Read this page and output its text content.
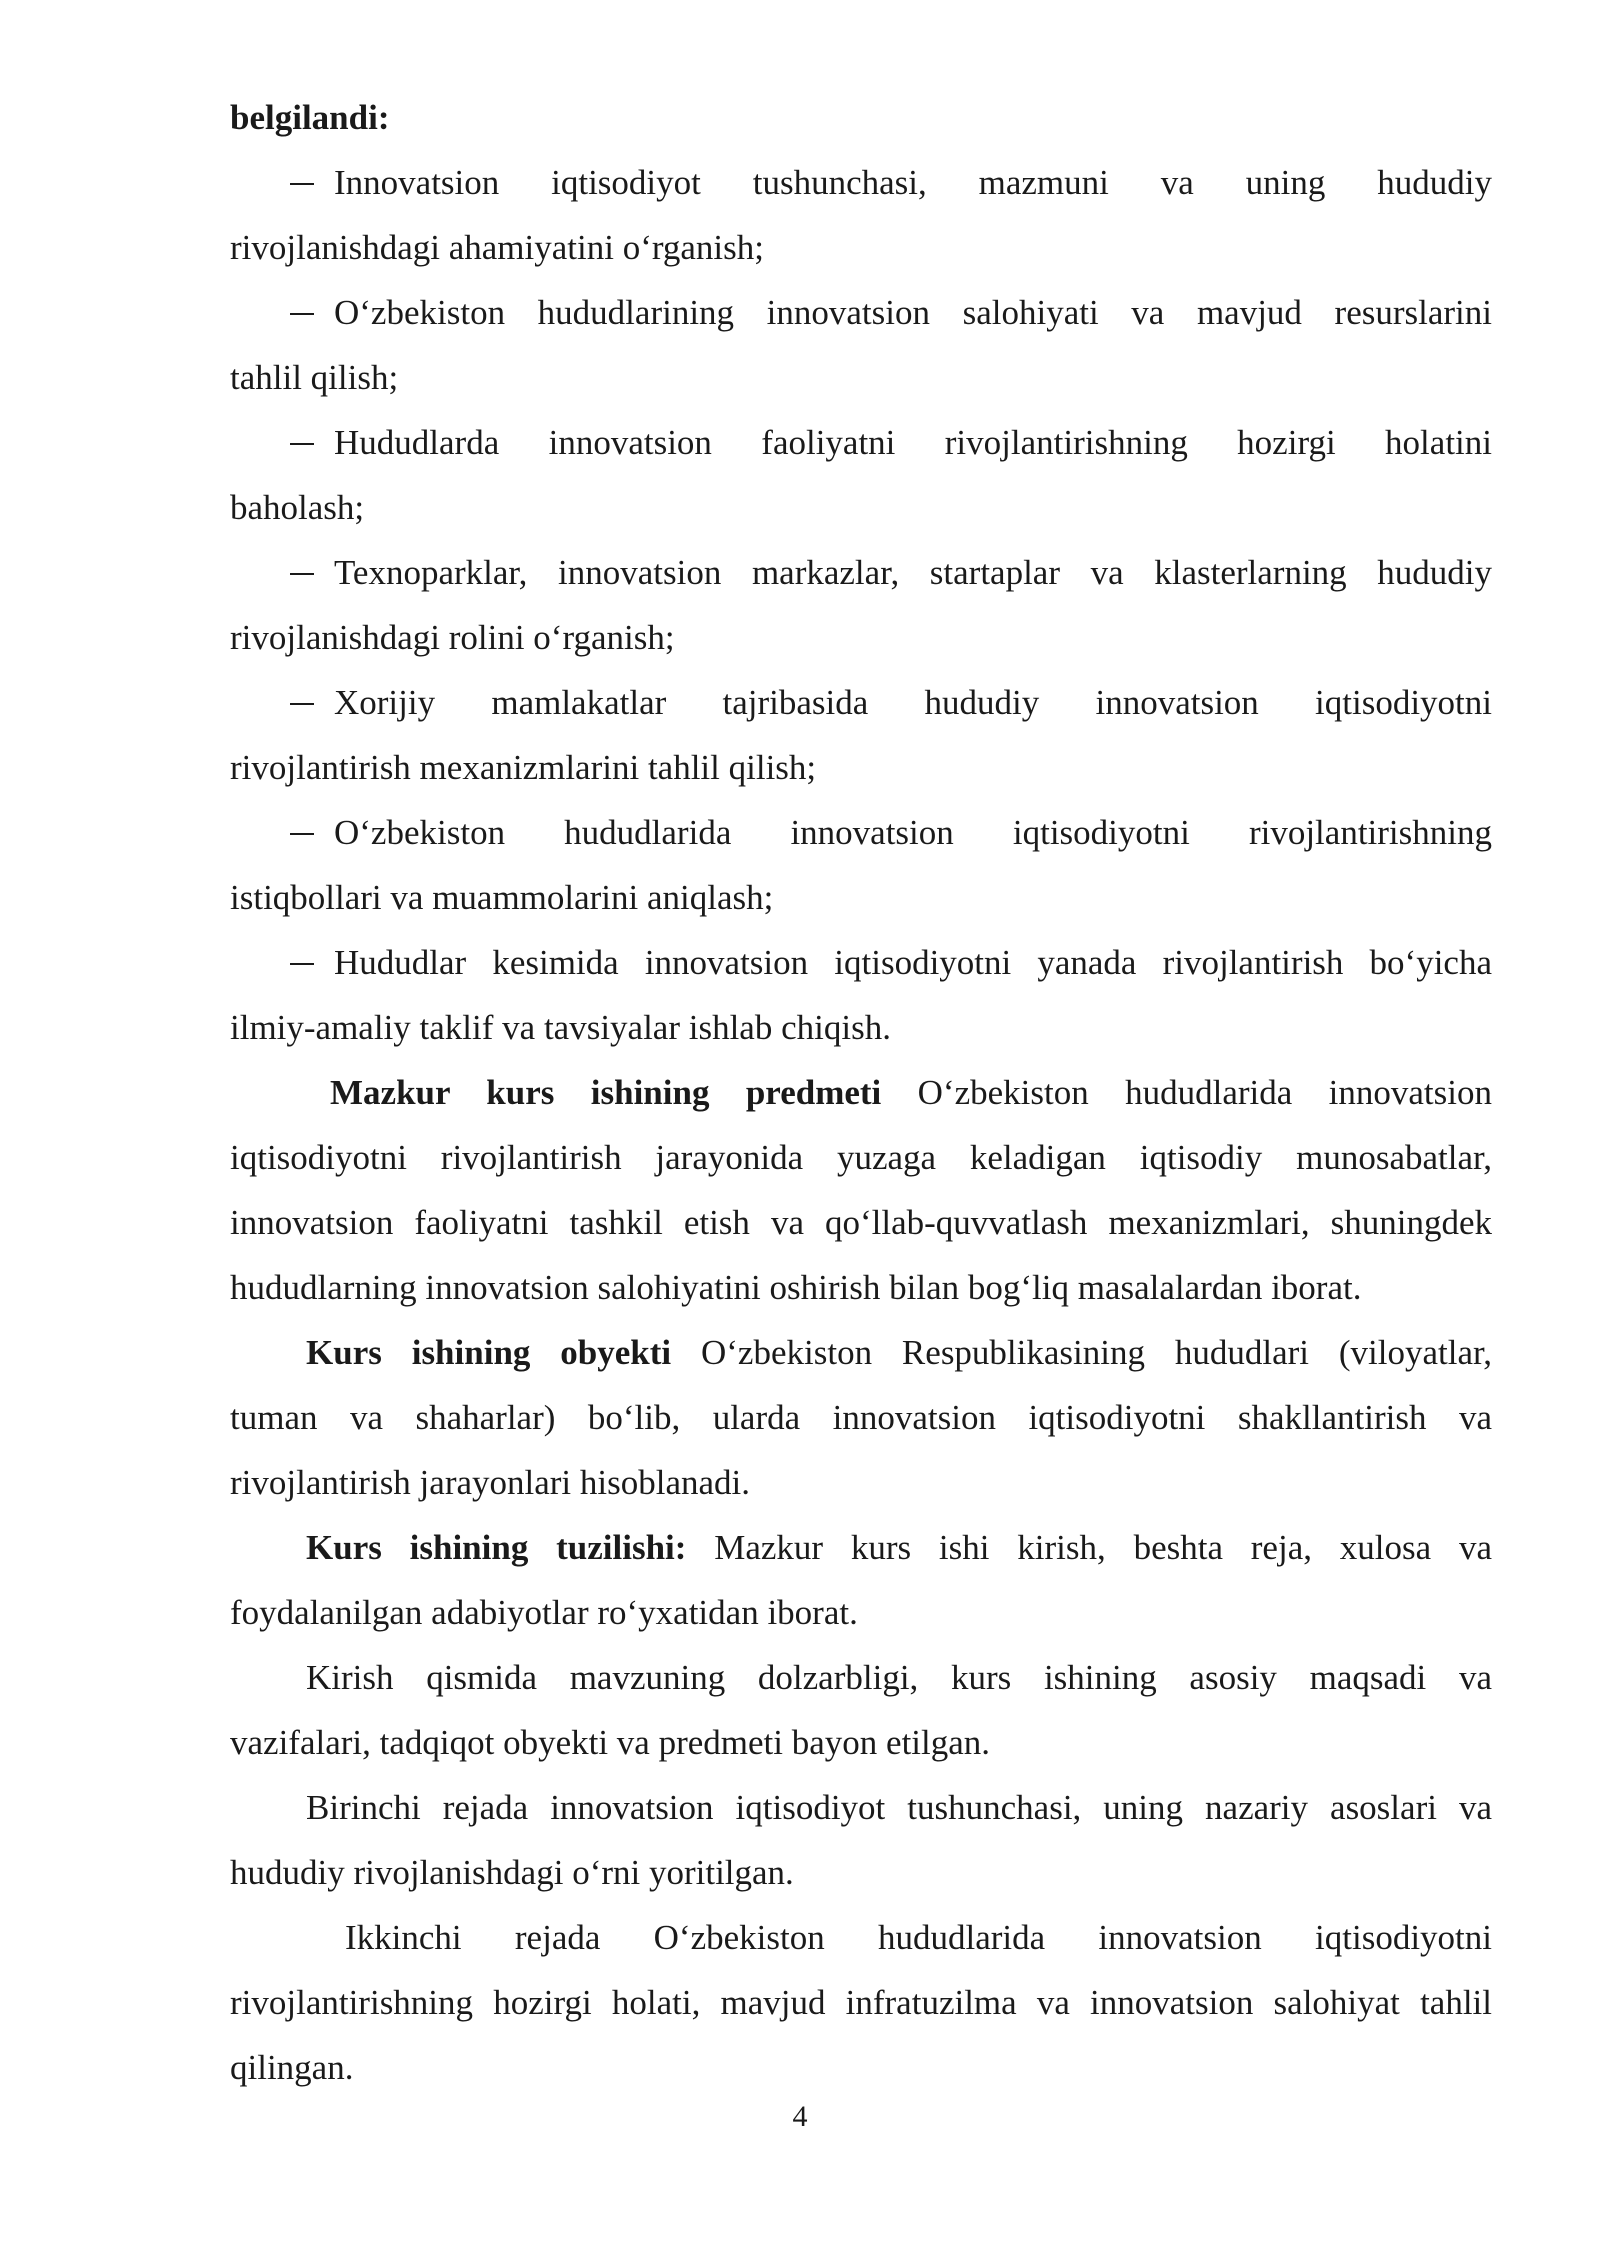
belgilandi:
Innovatsion iqtisodiyot tushunchasi, mazmuni va uning hududiy
rivojlanishdagi ahamiyatini o‘rganish;
O‘zbekiston hududlarining innovatsion salohiyati va mavjud resurslarini
tahlil qilish;
Hududlarda innovatsion faoliyatni rivojlantirishning hozirgi holatini
baholash;
Texnoparklar, innovatsion markazlar, startaplar va klasterlarning hududiy
rivojlanishdagi rolini o‘rganish;
Xorijiy mamlakatlar tajribasida hududiy innovatsion iqtisodiyotni
rivojlantirish mexanizmlarini tahlil qilish;
O‘zbekiston hududlarida innovatsion iqtisodiyotni rivojlantirishning
istiqbollari va muammolarini aniqlash;
Hududlar kesimida innovatsion iqtisodiyotni yanada rivojlantirish bo‘yicha
ilmiy-amaliy taklif va tavsiyalar ishlab chiqish.
Mazkur kurs ishining predmeti O‘zbekiston hududlarida innovatsion
iqtisodiyotni rivojlantirish jarayonida yuzaga keladigan iqtisodiy munosabatlar,
innovatsion faoliyatni tashkil etish va qo‘llab-quvvatlash mexanizmlari, shuningdek
hududlarning innovatsion salohiyatini oshirish bilan bog‘liq masalalardan iborat.
Kurs ishining obyekti O‘zbekiston Respublikasining hududlari (viloyatlar,
tuman va shaharlar) bo‘lib, ularda innovatsion iqtisodiyotni shakllantirish va
rivojlantirish jarayonlari hisoblanadi.
Kurs ishining tuzilishi: Mazkur kurs ishi kirish, beshta reja, xulosa va
foydalanilgan adabiyotlar ro‘yxatidan iborat.
Kirish qismida mavzuning dolzarbligi, kurs ishining asosiy maqsadi va
vazifalari, tadqiqot obyekti va predmeti bayon etilgan.
Birinchi rejada innovatsion iqtisodiyot tushunchasi, uning nazariy asoslari va
hududiy rivojlanishdagi o‘rni yoritilgan.
Ikkinchi rejada O‘zbekiston hududlarida innovatsion iqtisodiyotni
rivojlantirishning hozirgi holati, mavjud infratuzilma va innovatsion salohiyat tahlil
qilingan.
4
